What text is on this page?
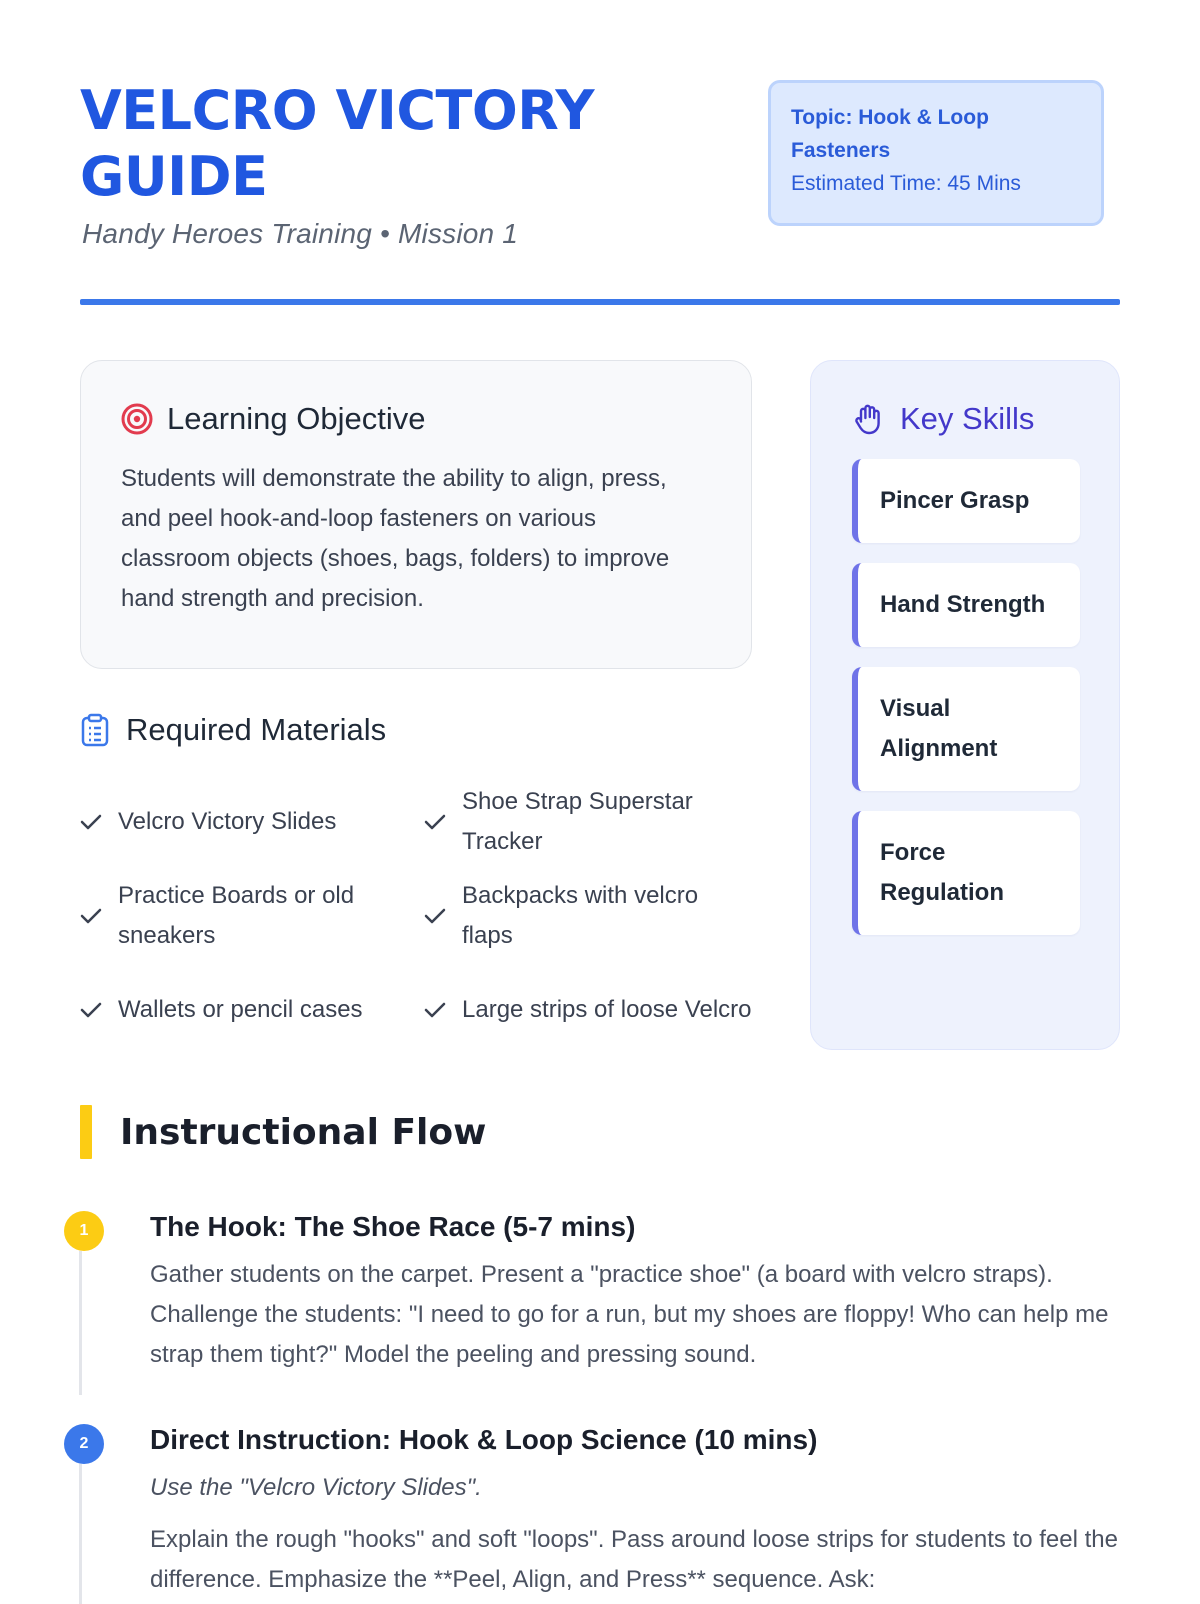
VELCRO VICTORY GUIDE
Handy Heroes Training • Mission 1
Topic: Hook & Loop Fasteners
Estimated Time: 45 Mins
Learning Objective

Students will demonstrate the ability to align, press, and peel hook-and-loop fasteners on various classroom objects (shoes, bags, folders) to improve hand strength and precision.

Required Materials
Velcro Victory Slides
Shoe Strap Superstar Tracker
Practice Boards or old sneakers
Backpacks with velcro flaps
Wallets or pencil cases	Large strips of loose Velcro
Key Skills
Pincer Grasp
Hand Strength
Visual Alignment
Force Regulation
Instructional Flow
1	The Hook: The Shoe Race (5-7 mins)

Gather students on the carpet. Present a "practice shoe" (a board with velcro straps). Challenge the students: "I need to go for a run, but my shoes are floppy! Who can help me strap them tight?" Model the peeling and pressing sound.

2	Direct Instruction: Hook & Loop Science (10 mins)

Use the "Velcro Victory Slides".

Explain the rough "hooks" and soft "loops". Pass around loose strips for students to feel the difference. Emphasize the **Peel, Align, and Press** sequence. Ask:
